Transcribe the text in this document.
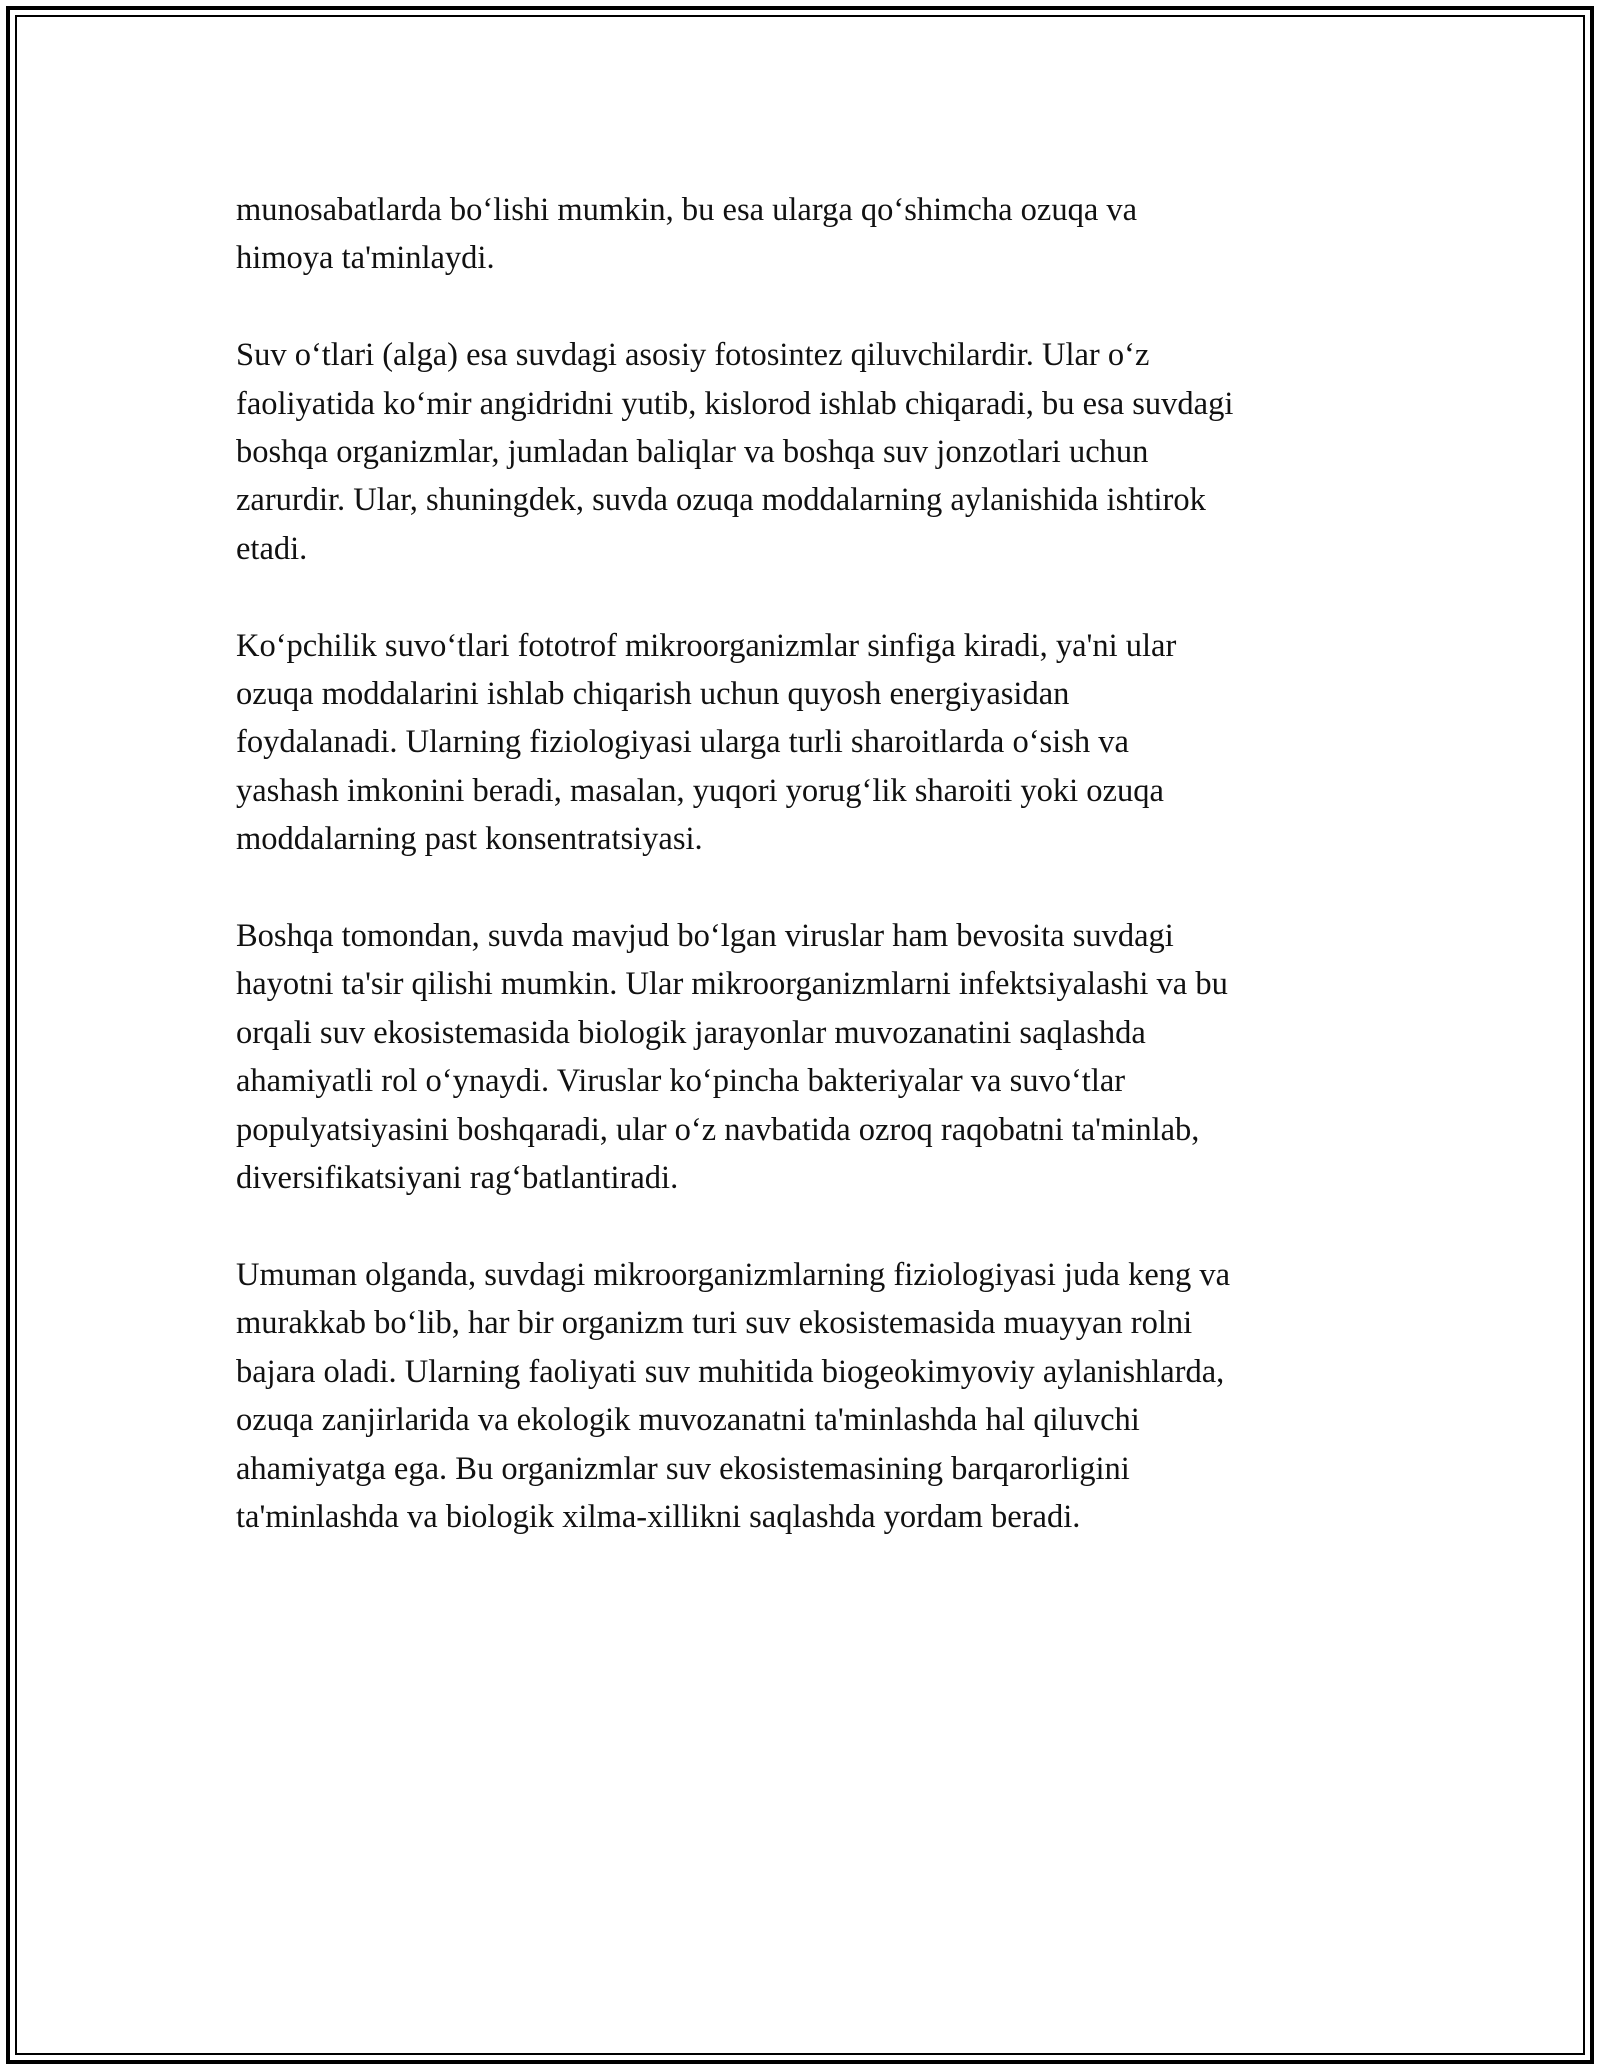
munosabatlarda bo‘lishi mumkin, bu esa ularga qo‘shimcha ozuqa va
himoya ta'minlaydi.

Suv o‘tlari (alga) esa suvdagi asosiy fotosintez qiluvchilardir. Ular o‘z
faoliyatida ko‘mir angidridni yutib, kislorod ishlab chiqaradi, bu esa suvdagi
boshqa organizmlar, jumladan baliqlar va boshqa suv jonzotlari uchun
zarurdir. Ular, shuningdek, suvda ozuqa moddalarning aylanishida ishtirok
etadi.

Ko‘pchilik suvo‘tlari fototrof mikroorganizmlar sinfiga kiradi, ya'ni ular
ozuqa moddalarini ishlab chiqarish uchun quyosh energiyasidan
foydalanadi. Ularning fiziologiyasi ularga turli sharoitlarda o‘sish va
yashash imkonini beradi, masalan, yuqori yorug‘lik sharoiti yoki ozuqa
moddalarning past konsentratsiyasi.

Boshqa tomondan, suvda mavjud bo‘lgan viruslar ham bevosita suvdagi
hayotni ta'sir qilishi mumkin. Ular mikroorganizmlarni infektsiyalashi va bu
orqali suv ekosistemasida biologik jarayonlar muvozanatini saqlashda
ahamiyatli rol o‘ynaydi. Viruslar ko‘pincha bakteriyalar va suvo‘tlar
populyatsiyasini boshqaradi, ular o‘z navbatida ozroq raqobatni ta'minlab,
diversifikatsiyani rag‘batlantiradi.

Umuman olganda, suvdagi mikroorganizmlarning fiziologiyasi juda keng va
murakkab bo‘lib, har bir organizm turi suv ekosistemasida muayyan rolni
bajara oladi. Ularning faoliyati suv muhitida biogeokimyoviy aylanishlarda,
ozuqa zanjirlarida va ekologik muvozanatni ta'minlashda hal qiluvchi
ahamiyatga ega. Bu organizmlar suv ekosistemasining barqarorligini
ta'minlashda va biologik xilma-xillikni saqlashda yordam beradi.
